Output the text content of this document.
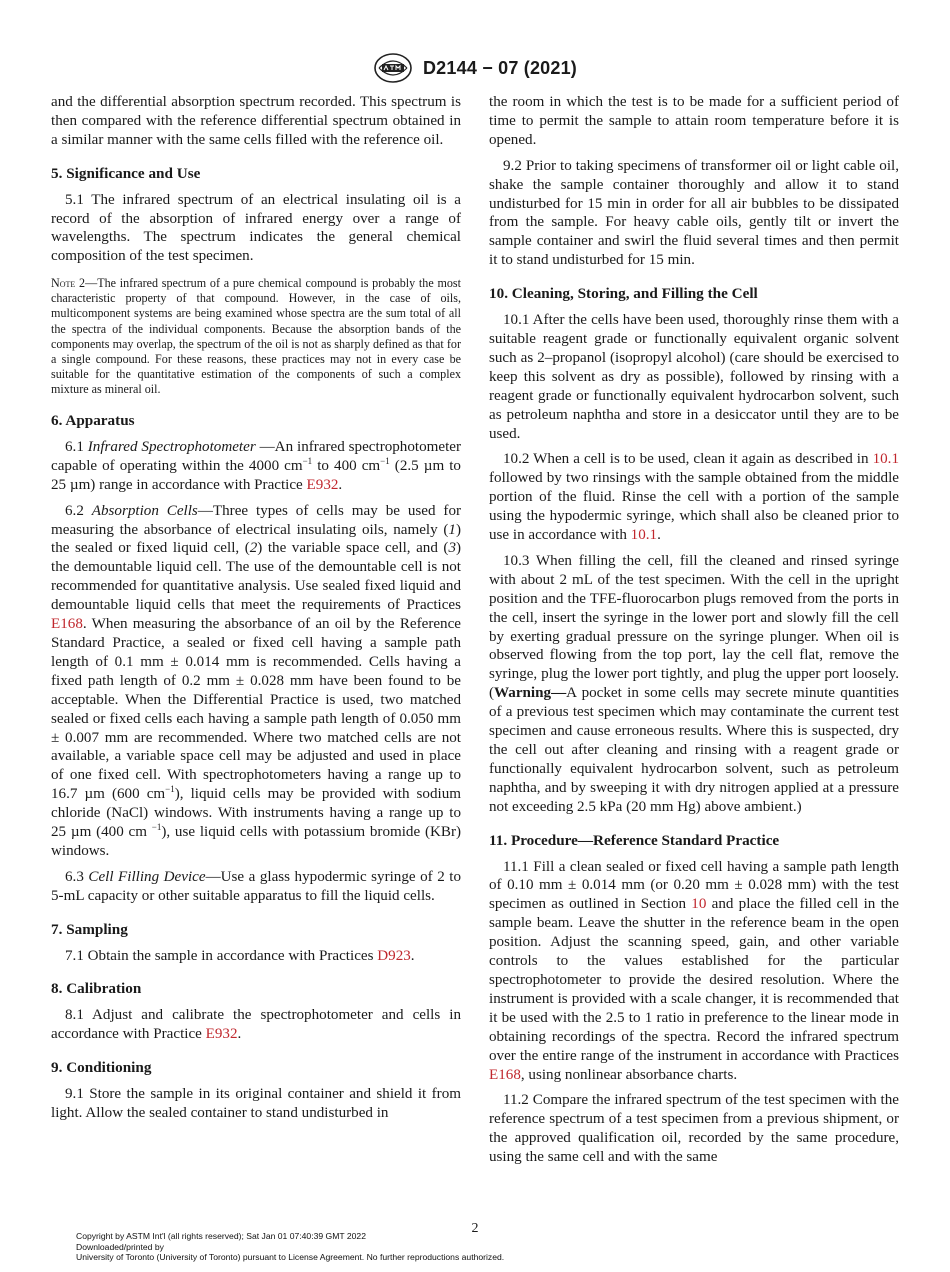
D2144 − 07 (2021)

and the differential absorption spectrum recorded. This spectrum is then compared with the reference differential spectrum obtained in a similar manner with the same cells filled with the reference oil.

5. Significance and Use

5.1 The infrared spectrum of an electrical insulating oil is a record of the absorption of infrared energy over a range of wavelengths. The spectrum indicates the general chemical composition of the test specimen.

Note 2—The infrared spectrum of a pure chemical compound is probably the most characteristic property of that compound. However, in the case of oils, multicomponent systems are being examined whose spectra are the sum total of all the spectra of the individual components. Because the absorption bands of the components may overlap, the spectrum of the oil is not as sharply defined as that for a single compound. For these reasons, these practices may not in every case be suitable for the quantitative estimation of the components of such a complex mixture as mineral oil.
6. Apparatus

6.1 Infrared Spectrophotometer —An infrared spectrophotometer capable of operating within the 4000 $cm^{-1}$ to 400 $cm^{-1}$ (2.5 µm to 25 µm) range in accordance with Practice E932.

6.2 Absorption Cells—Three types of cells may be used for measuring the absorbance of electrical insulating oils, namely (1) the sealed or fixed liquid cell, (2) the variable space cell, and (3) the demountable liquid cell. The use of the demountable cell is not recommended for quantitative analysis. Use sealed fixed liquid and demountable liquid cells that meet the requirements of Practices E168. When measuring the absorbance of an oil by the Reference Standard Practice, a sealed or fixed cell having a sample path length of 0.1 mm ± 0.014 mm is recommended. Cells having a fixed path length of 0.2 mm ± 0.028 mm have been found to be acceptable. When the Differential Practice is used, two matched sealed or fixed cells each having a sample path length of 0.050 mm ± 0.007 mm are recommended. Where two matched cells are not available, a variable space cell may be adjusted and used in place of one fixed cell. With spectrophotometers having a range up to 16.7 µm (600 $cm^{-1}$), liquid cells may be provided with sodium chloride (NaCl) windows. With instruments having a range up to 25 µm (400 cm $^{-1}$), use liquid cells with potassium bromide (KBr) windows.

6.3 Cell Filling Device—Use a glass hypodermic syringe of 2 to 5-mL capacity or other suitable apparatus to fill the liquid cells.

7. Sampling

7.1 Obtain the sample in accordance with Practices D923.

8. Calibration

8.1 Adjust and calibrate the spectrophotometer and cells in accordance with Practice E932.

9. Conditioning

9.1 Store the sample in its original container and shield it from light. Allow the sealed container to stand undisturbed in

the room in which the test is to be made for a sufficient period of time to permit the sample to attain room temperature before it is opened.

9.2 Prior to taking specimens of transformer oil or light cable oil, shake the sample container thoroughly and allow it to stand undisturbed for 15 min in order for all air bubbles to be dissipated from the sample. For heavy cable oils, gently tilt or invert the sample container and swirl the fluid several times and then permit it to stand undisturbed for 15 min.

10. Cleaning, Storing, and Filling the Cell

10.1 After the cells have been used, thoroughly rinse them with a suitable reagent grade or functionally equivalent organic solvent such as 2–propanol (isopropyl alcohol) (care should be exercised to keep this solvent as dry as possible), followed by rinsing with a reagent grade or functionally equivalent hydrocarbon solvent, such as petroleum naphtha and store in a desiccator until they are to be used.

10.2 When a cell is to be used, clean it again as described in 10.1 followed by two rinsings with the sample obtained from the middle portion of the fluid. Rinse the cell with a portion of the sample using the hypodermic syringe, which shall also be cleaned prior to use in accordance with 10.1.

10.3 When filling the cell, fill the cleaned and rinsed syringe with about 2 mL of the test specimen. With the cell in the upright position and the TFE-fluorocarbon plugs removed from the ports in the cell, insert the syringe in the lower port and slowly fill the cell by exerting gradual pressure on the syringe plunger. When oil is observed flowing from the top port, lay the cell flat, remove the syringe, plug the lower port tightly, and plug the upper port loosely. (Warning—A pocket in some cells may secrete minute quantities of a previous test specimen which may contaminate the current test specimen and cause erroneous results. Where this is suspected, dry the cell out after cleaning and rinsing with a reagent grade or functionally equivalent hydrocarbon solvent, such as petroleum naphtha, and by sweeping it with dry nitrogen applied at a pressure not exceeding 2.5 kPa (20 mm Hg) above ambient.)

11. Procedure—Reference Standard Practice

11.1 Fill a clean sealed or fixed cell having a sample path length of 0.10 mm ± 0.014 mm (or 0.20 mm ± 0.028 mm) with the test specimen as outlined in Section 10 and place the filled cell in the sample beam. Leave the shutter in the reference beam in the open position. Adjust the scanning speed, gain, and other variable controls to the values established for the particular spectrophotometer to provide the desired resolution. Where the instrument is provided with a scale changer, it is recommended that it be used with the 2.5 to 1 ratio in preference to the linear mode in obtaining recordings of the spectra. Record the infrared spectrum over the entire range of the instrument in accordance with Practices E168, using nonlinear absorbance charts.

11.2 Compare the infrared spectrum of the test specimen with the reference spectrum of a test specimen from a previous shipment, or the approved qualification oil, recorded by the same procedure, using the same cell and with the same

2
Copyright by ASTM Int'l (all rights reserved); Sat Jan 01 07:40:39 GMT 2022
Downloaded/printed by
University of Toronto (University of Toronto) pursuant to License Agreement. No further reproductions authorized.
